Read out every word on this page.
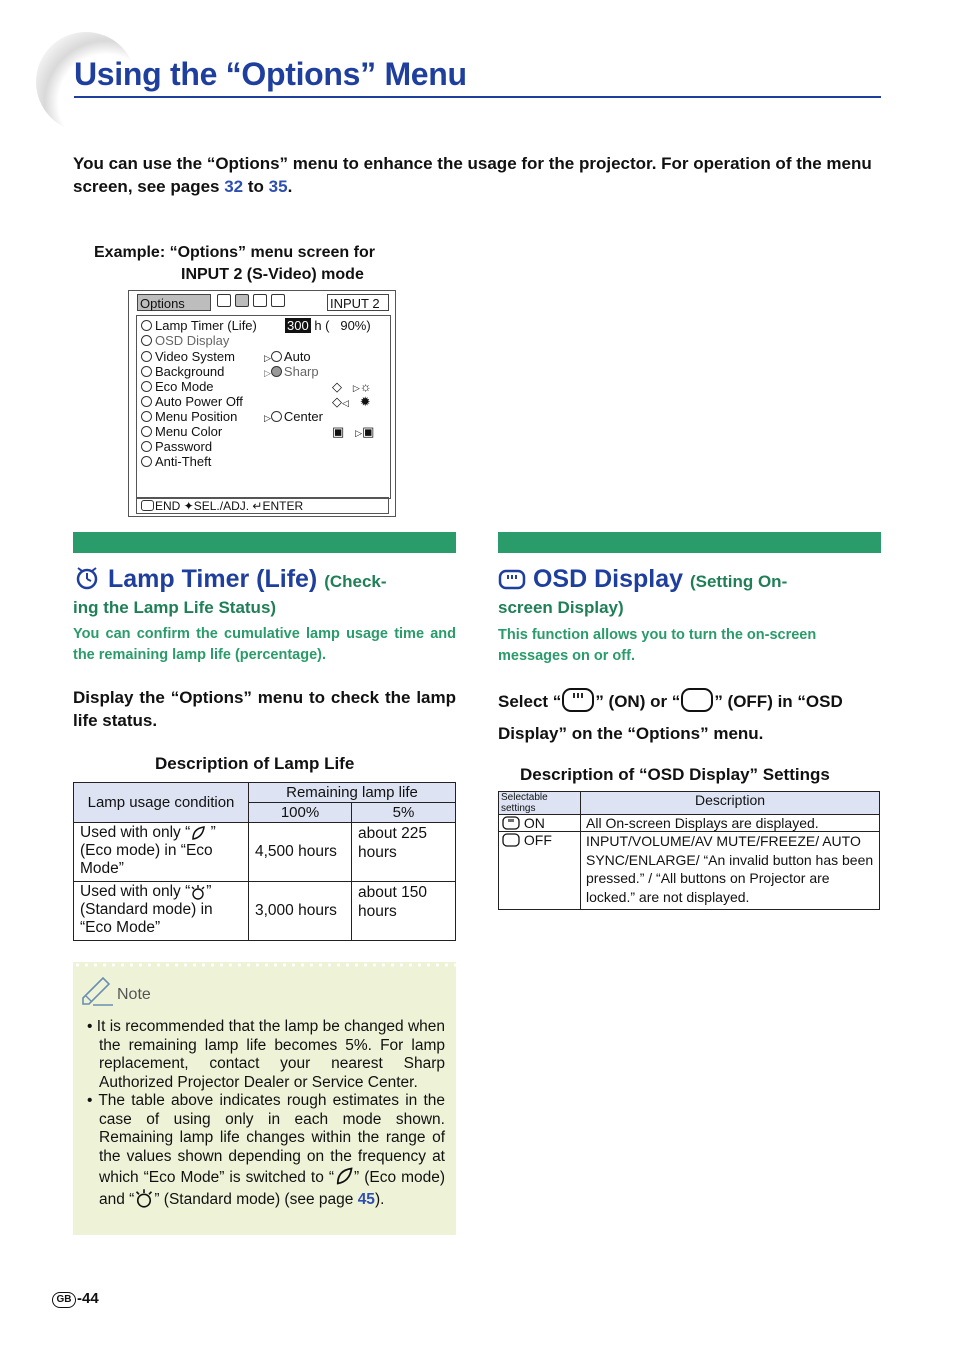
Using the “Options” Menu
You can use the “Options” menu to enhance the usage for the projector. For operation of the menu screen, see pages 32 to 35.
Example: “Options” menu screen for
INPUT 2 (S-Video) mode
Options	INPUT 2
Lamp Timer (Life) 300 h ( 90%)
OSD Display
Video System	▷ Auto
Background	▷ Sharp
Eco Mode	◇ ▷☼
Auto Power Off	◇◁ ✹
Menu Position	▷ Center
Menu Color	▣ ▷▣
Password
Anti-Theft
END ✦SEL./ADJ. ↵ENTER
Lamp Timer (Life) (Check-
ing the Lamp Life Status)
You can confirm the cumulative lamp usage time and the remaining lamp life (percentage).
Display the “Options” menu to check the lamp life status.
Description of Lamp Life
Lamp usage condition	Remaining lamp life	
	100%	5%
Used with only “ ” (Eco mode) in “Eco Mode”	4,500 hours	about 225 hours
Used with only “ ” (Standard mode) in “Eco Mode”	3,000 hours	about 150 hours
Note

• It is recommended that the lamp be changed when the remaining lamp life becomes 5%. For lamp replacement, contact your nearest Sharp Authorized Projector Dealer or Service Center.

• The table above indicates rough estimates in the case of using only in each mode shown. Remaining lamp life changes within the range of the values shown depending on the frequency at which “Eco Mode” is switched to “ ” (Eco mode) and “ ” (Standard mode) (see page 45).

OSD Display (Setting On-
screen Display)
This function allows you to turn the on-screen messages on or off.
Select “ ” (ON) or “ ” (OFF) in “OSD Display” on the “Options” menu.
Description of “OSD Display” Settings
Selectable settings	Description
ON	All On-screen Displays are displayed.
OFF	INPUT/VOLUME/AV MUTE/FREEZE/ AUTO SYNC/ENLARGE/ “An invalid button has been pressed.” / “All buttons on Projector are locked.” are not displayed.
GB -44
